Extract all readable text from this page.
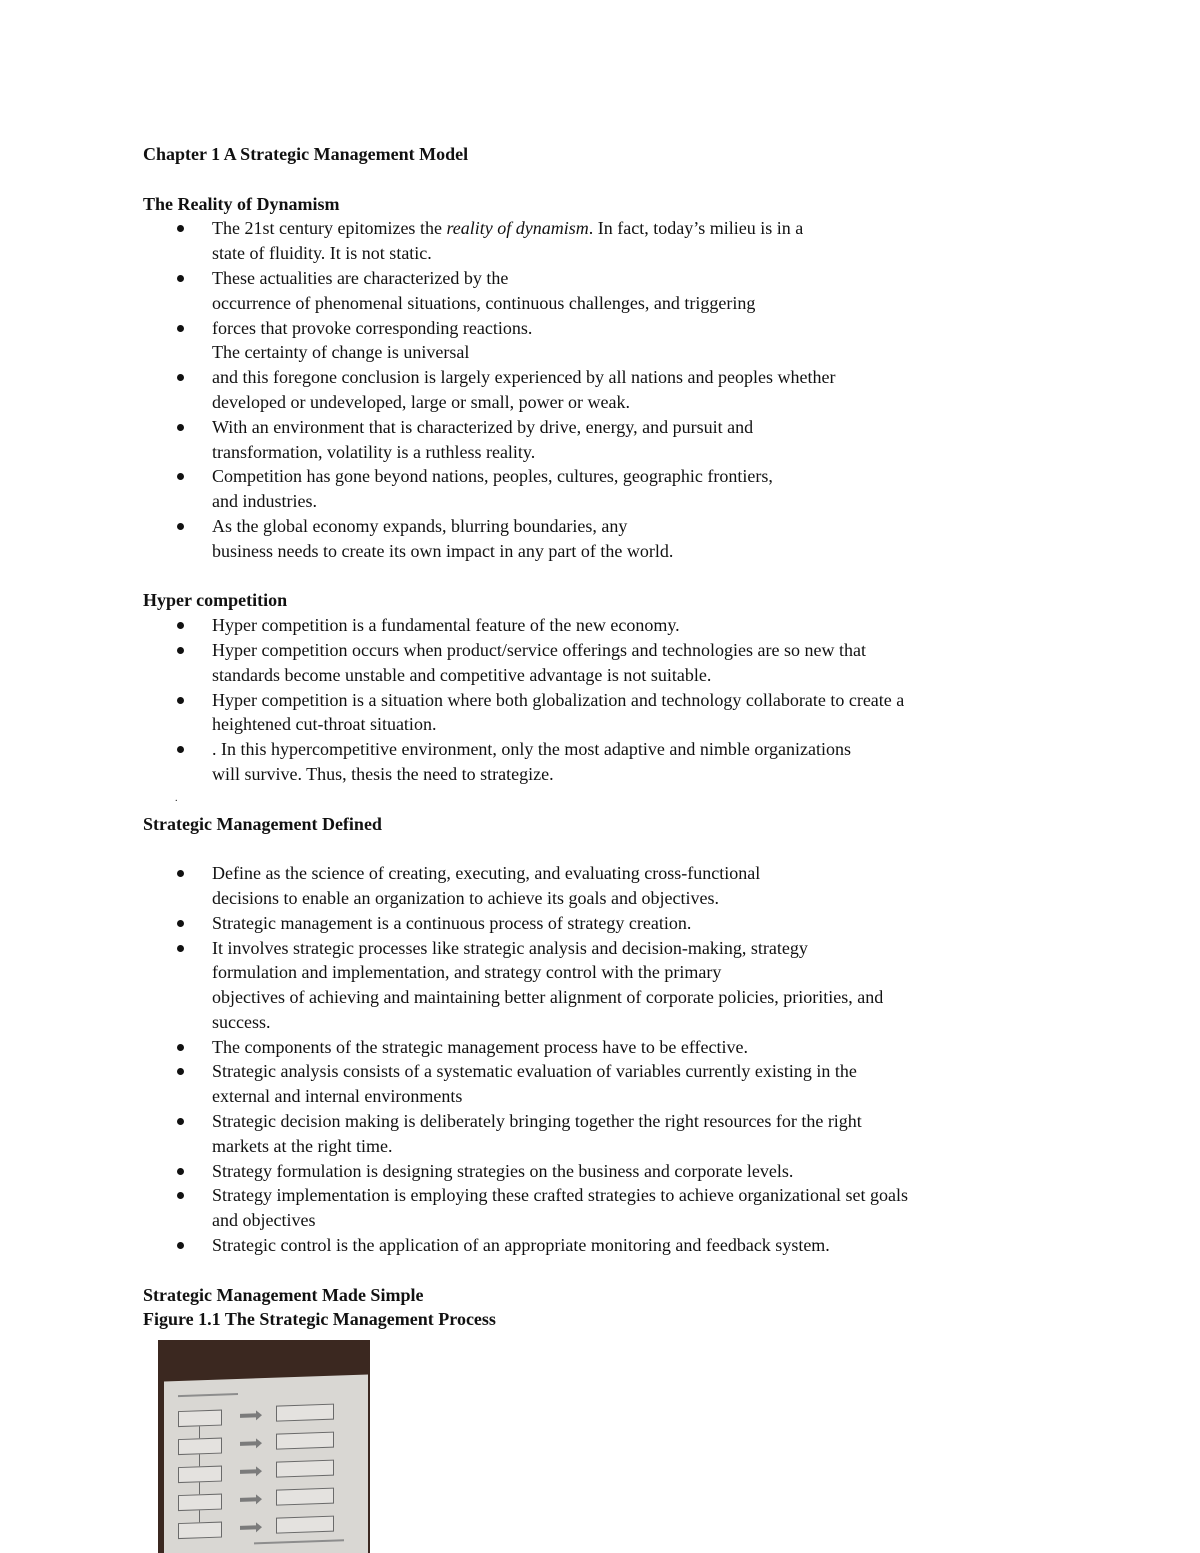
Chapter 1 A Strategic Management Model
The Reality of Dynamism
The 21st century epitomizes the reality of dynamism. In fact, today’s milieu is in a
state of fluidity. It is not static.
These actualities are characterized by the
occurrence of phenomenal situations, continuous challenges, and triggering
forces that provoke corresponding reactions.
The certainty of change is universal
and this foregone conclusion is largely experienced by all nations and peoples whether
developed or undeveloped, large or small, power or weak.
With an environment that is characterized by drive, energy, and pursuit and
transformation, volatility is a ruthless reality.
Competition has gone beyond nations, peoples, cultures, geographic frontiers,
and industries.
As the global economy expands, blurring boundaries, any
business needs to create its own impact in any part of the world.
Hyper competition
Hyper competition is a fundamental feature of the new economy.
Hyper competition occurs when product/service offerings and technologies are so new that
standards become unstable and competitive advantage is not suitable.
Hyper competition is a situation where both globalization and technology collaborate to create a
heightened cut-throat situation.
. In this hypercompetitive environment, only the most adaptive and nimble organizations
will survive. Thus, thesis the need to strategize.
.
Strategic Management Defined
Define as the science of creating, executing, and evaluating cross-functional
decisions to enable an organization to achieve its goals and objectives.
Strategic management is a continuous process of strategy creation.
It involves strategic processes like strategic analysis and decision-making, strategy
formulation and implementation, and strategy control with the primary
objectives of achieving and maintaining better alignment of corporate policies, priorities, and
success.
The components of the strategic management process have to be effective.
Strategic analysis consists of a systematic evaluation of variables currently existing in the
external and internal environments
Strategic decision making is deliberately bringing together the right resources for the right
markets at the right time.
Strategy formulation is designing strategies on the business and corporate levels.
Strategy implementation is employing these crafted strategies to achieve organizational set goals
and objectives
Strategic control is the application of an appropriate monitoring and feedback system.
Strategic Management Made Simple
Figure 1.1 The Strategic Management Process
